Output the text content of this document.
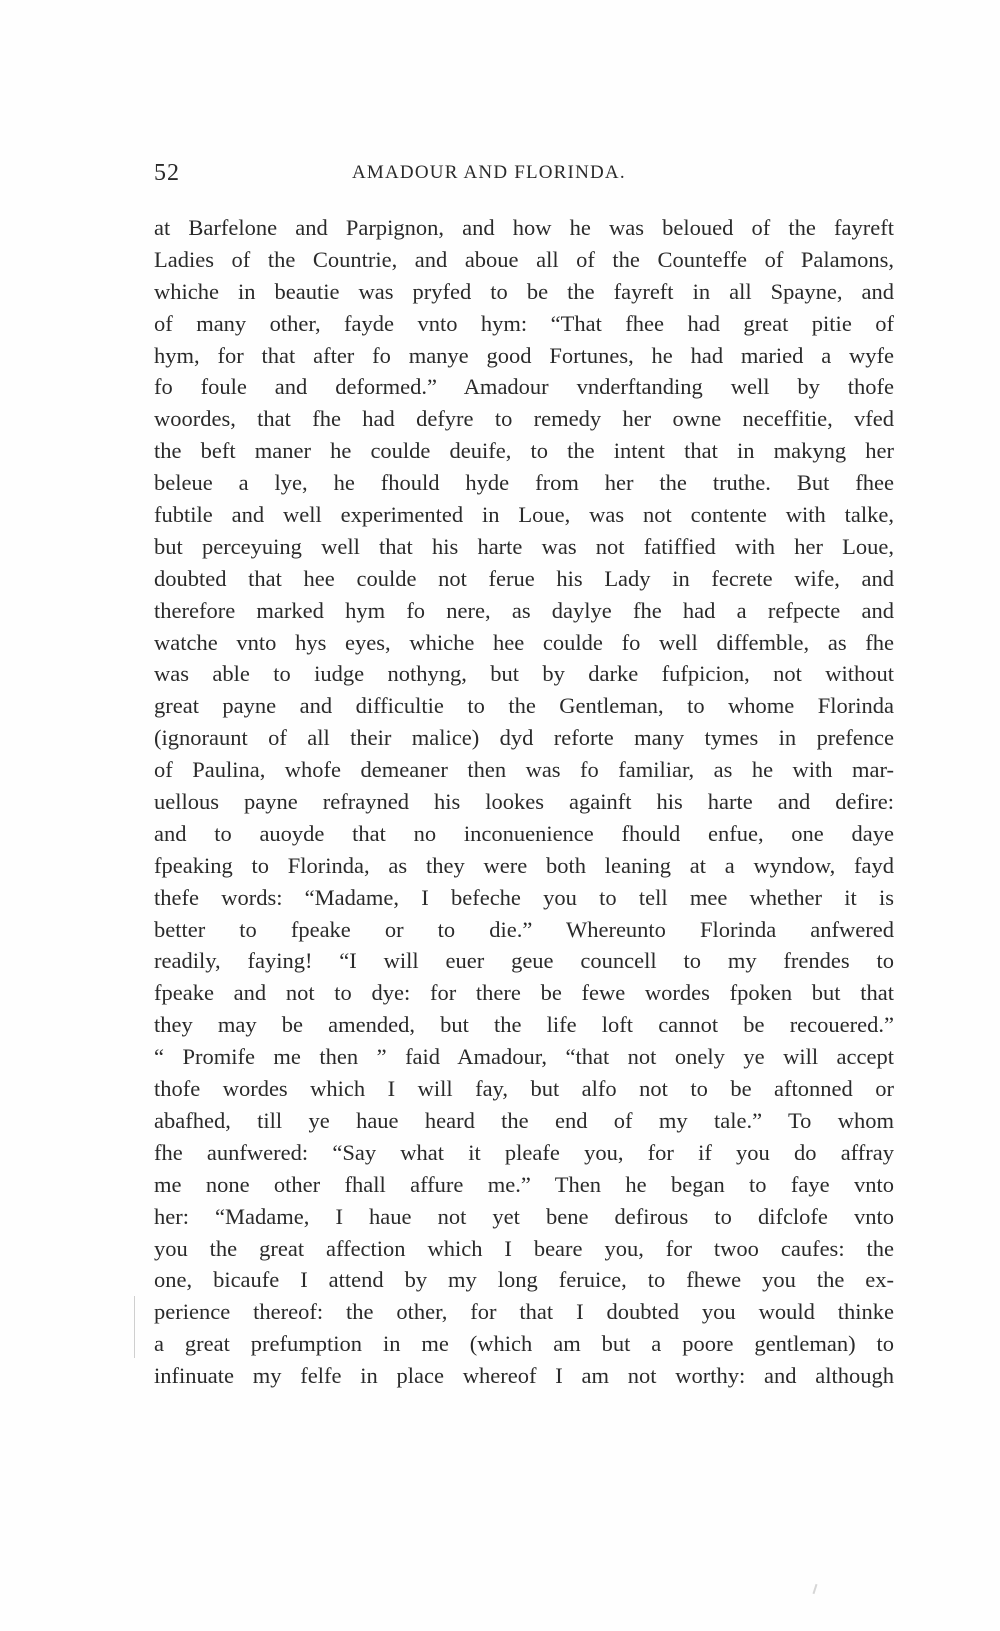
52	AMADOUR AND FLORINDA.
at Barfelone and Parpignon, and how he was beloued of the fayreft
Ladies of the Countrie, and aboue all of the Counteffe of Palamons,
whiche in beautie was pryfed to be the fayreft in all Spayne, and
of many other, fayde vnto hym: “That fhee had great pitie of
hym, for that after fo manye good Fortunes, he had maried a wyfe
fo foule and deformed.” Amadour vnderftanding well by thofe
woordes, that fhe had defyre to remedy her owne neceffitie, vfed
the beft maner he coulde deuife, to the intent that in makyng her
beleue a lye, he fhould hyde from her the truthe. But fhee
fubtile and well experimented in Loue, was not contente with talke,
but perceyuing well that his harte was not fatiffied with her Loue,
doubted that hee coulde not ferue his Lady in fecrete wife, and
therefore marked hym fo nere, as daylye fhe had a refpecte and
watche vnto hys eyes, whiche hee coulde fo well diffemble, as fhe
was able to iudge nothyng, but by darke fufpicion, not without
great payne and difficultie to the Gentleman, to whome Florinda
(ignoraunt of all their malice) dyd reforte many tymes in prefence
of Paulina, whofe demeaner then was fo familiar, as he with mar-
uellous payne refrayned his lookes againft his harte and defire:
and to auoyde that no inconuenience fhould enfue, one daye
fpeaking to Florinda, as they were both leaning at a wyndow, fayd
thefe words: “Madame, I befeche you to tell mee whether it is
better to fpeake or to die.” Whereunto Florinda anfwered
readily, faying! “I will euer geue councell to my frendes to
fpeake and not to dye: for there be fewe wordes fpoken but that
they may be amended, but the life loft cannot be recouered.”
“ Promife me then ” faid Amadour, “that not onely ye will accept
thofe wordes which I will fay, but alfo not to be aftonned or
abafhed, till ye haue heard the end of my tale.” To whom
fhe aunfwered: “Say what it pleafe you, for if you do affray
me none other fhall affure me.” Then he began to faye vnto
her: “Madame, I haue not yet bene defirous to difclofe vnto
you the great affection which I beare you, for twoo caufes: the
one, bicaufe I attend by my long feruice, to fhewe you the ex-
perience thereof: the other, for that I doubted you would thinke
a great prefumption in me (which am but a poore gentleman) to
infinuate my felfe in place whereof I am not worthy: and although
